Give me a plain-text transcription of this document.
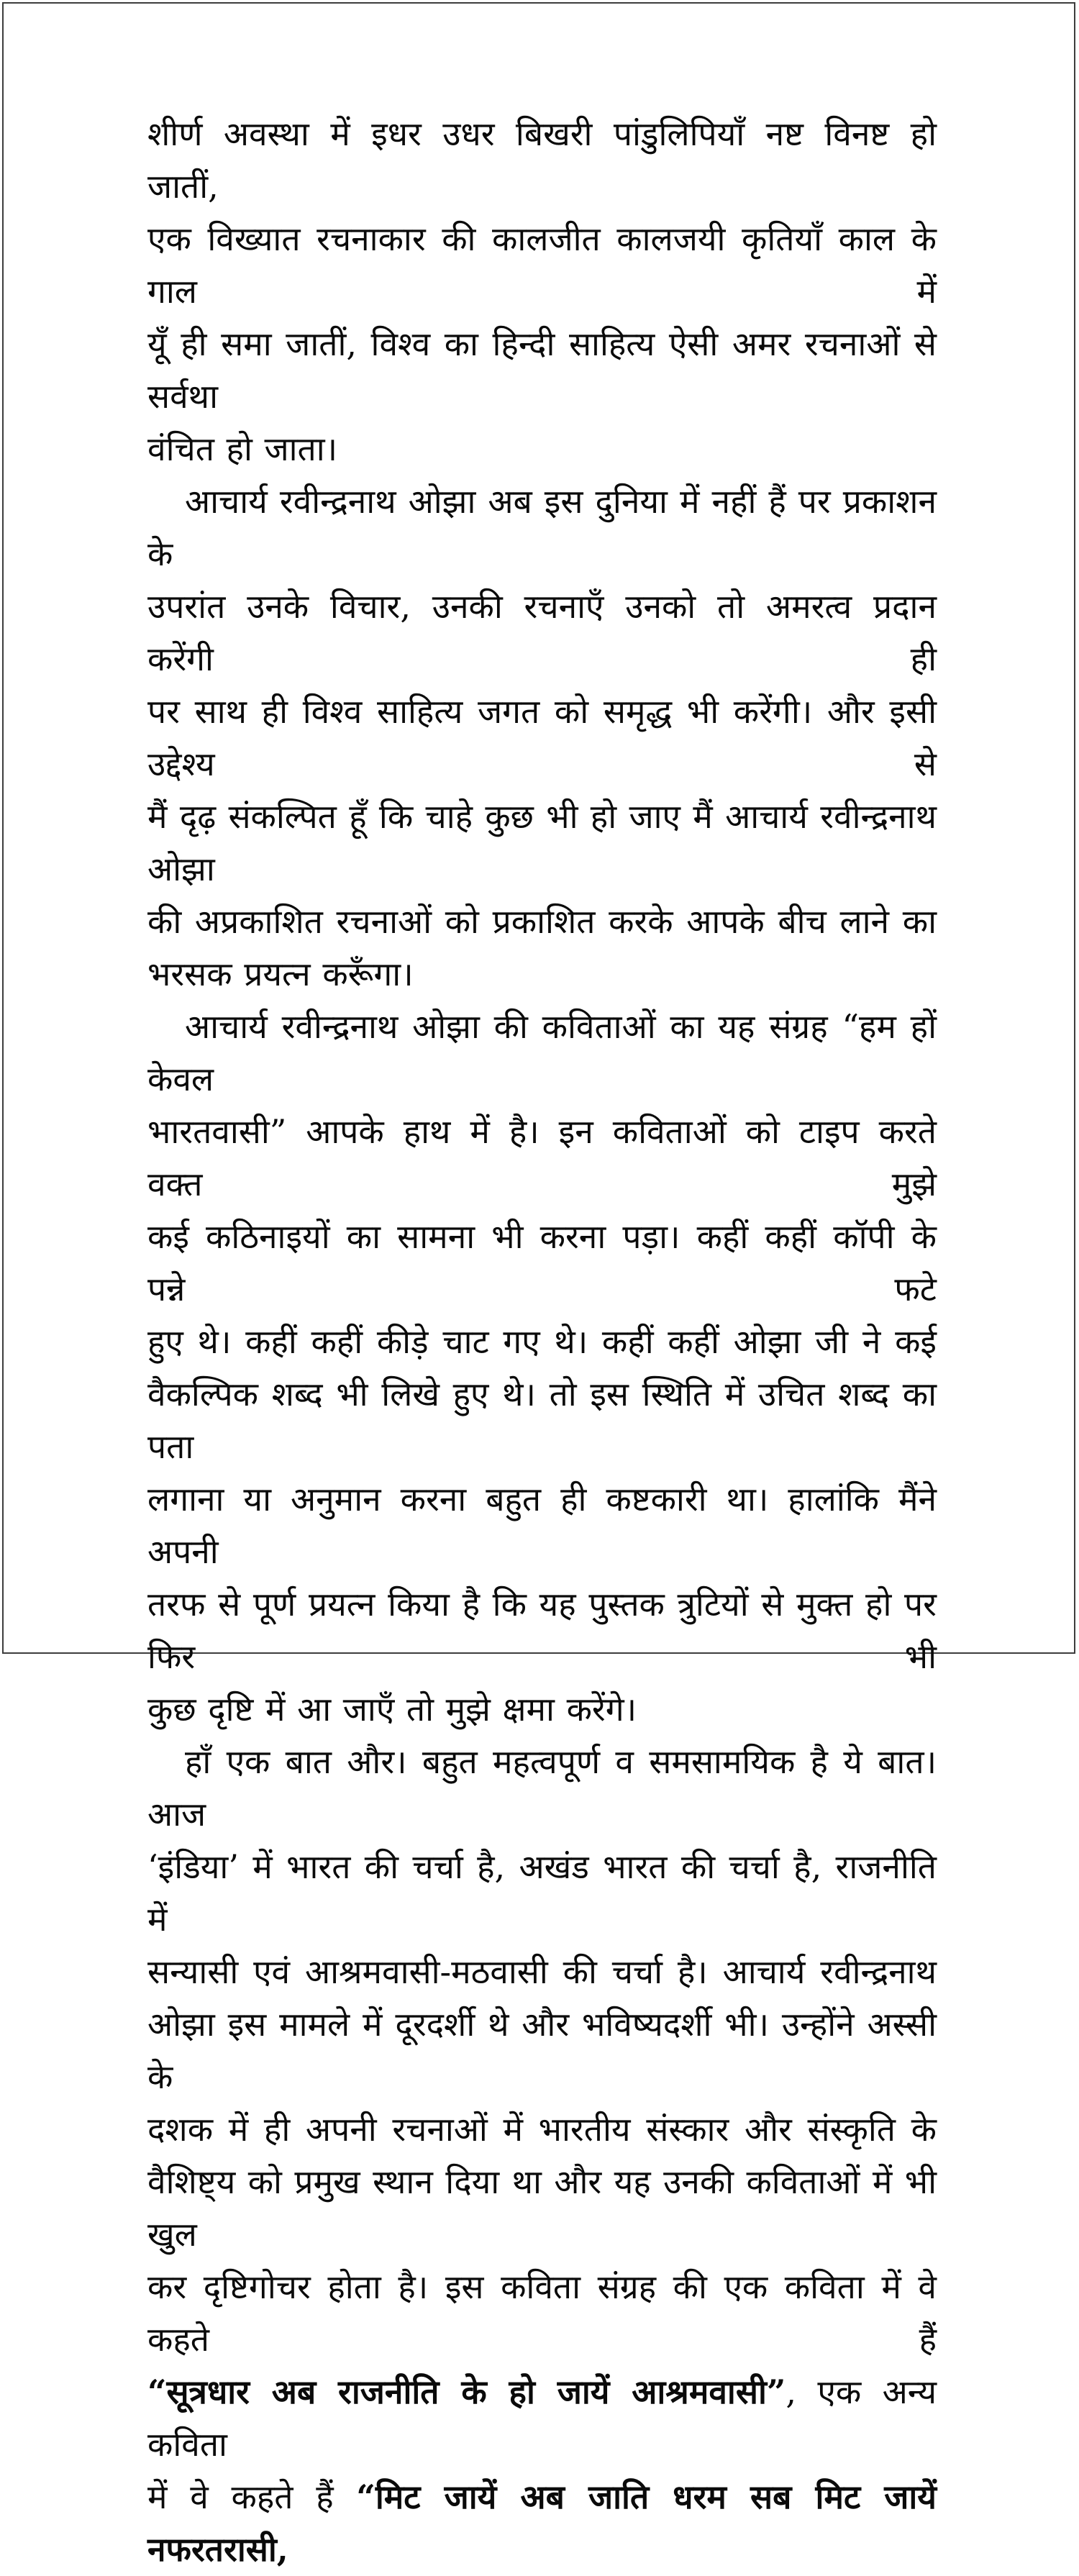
शीर्ण अवस्था में इधर उधर बिखरी पांडुलिपियाँ नष्ट विनष्ट हो जातीं,
एक विख्यात रचनाकार की कालजीत कालजयी कृतियाँ काल के गाल में
यूँ ही समा जातीं, विश्व का हिन्दी साहित्य ऐसी अमर रचनाओं से सर्वथा
वंचित हो जाता।
आचार्य रवीन्द्रनाथ ओझा अब इस दुनिया में नहीं हैं पर प्रकाशन के
उपरांत उनके विचार, उनकी रचनाएँ उनको तो अमरत्व प्रदान करेंगी ही
पर साथ ही विश्व साहित्य जगत को समृद्ध भी करेंगी। और इसी उद्देश्य से
मैं दृढ़ संकल्पित हूँ कि चाहे कुछ भी हो जाए मैं आचार्य रवीन्द्रनाथ ओझा
की अप्रकाशित रचनाओं को प्रकाशित करके आपके बीच लाने का
भरसक प्रयत्न करूँगा।
आचार्य रवीन्द्रनाथ ओझा की कविताओं का यह संग्रह “हम हों केवल
भारतवासी” आपके हाथ में है। इन कविताओं को टाइप करते वक्त मुझे
कई कठिनाइयों का सामना भी करना पड़ा। कहीं कहीं कॉपी के पन्ने फटे
हुए थे। कहीं कहीं कीड़े चाट गए थे। कहीं कहीं ओझा जी ने कई
वैकल्पिक शब्द भी लिखे हुए थे। तो इस स्थिति में उचित शब्द का पता
लगाना या अनुमान करना बहुत ही कष्टकारी था। हालांकि मैंने अपनी
तरफ से पूर्ण प्रयत्न किया है कि यह पुस्तक त्रुटियों से मुक्त हो पर फिर भी
कुछ दृष्टि में आ जाएँ तो मुझे क्षमा करेंगे।
हाँ एक बात और। बहुत महत्वपूर्ण व समसामयिक है ये बात। आज
‘इंडिया’ में भारत की चर्चा है, अखंड भारत की चर्चा है, राजनीति में
सन्यासी एवं आश्रमवासी-मठवासी की चर्चा है। आचार्य रवीन्द्रनाथ
ओझा इस मामले में दूरदर्शी थे और भविष्यदर्शी भी। उन्होंने अस्सी के
दशक में ही अपनी रचनाओं में भारतीय संस्कार और संस्कृति के
वैशिष्ट्य को प्रमुख स्थान दिया था और यह उनकी कविताओं में भी खुल
कर दृष्टिगोचर होता है। इस कविता संग्रह की एक कविता में वे कहते हैं
“सूत्रधार अब राजनीति के हो जायें आश्रमवासी”, एक अन्य कविता
में वे कहते हैं “मिट जायें अब जाति धरम सब मिट जायें नफरतरासी,
